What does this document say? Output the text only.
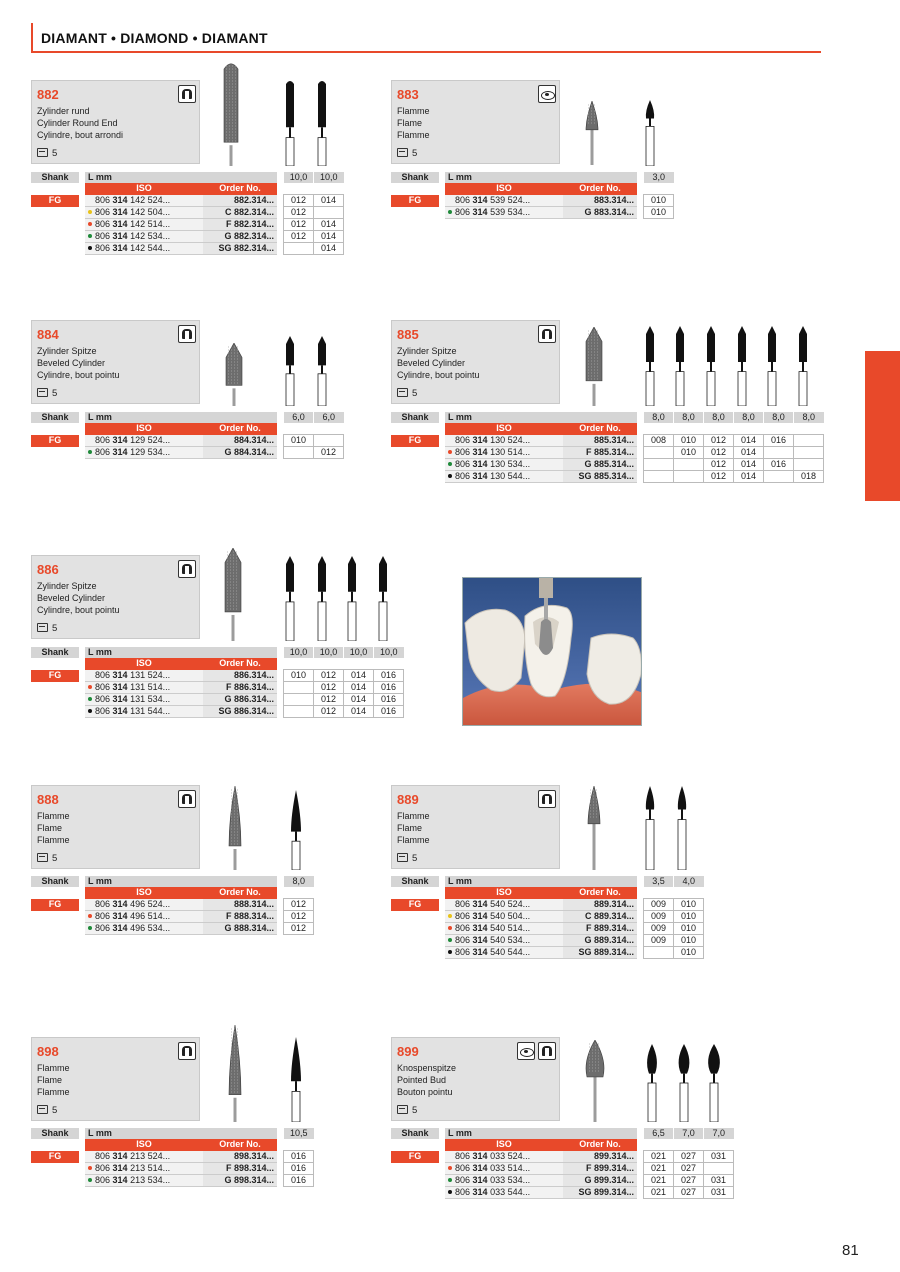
DIAMANT • DIAMOND • DIAMANT
81
882
Zylinder rund
Cylinder Round End
Cylindre, bout arrondi
5
Shank		L mm			10,0	10,0
		ISO	Order No.			
FG		806 314 142 524...	882.314...		012	014
		806 314 142 504...	C 882.314...		012	
		806 314 142 514...	F 882.314...		012	014
		806 314 142 534...	G 882.314...		012	014
		806 314 142 544...	SG 882.314...			014
883
Flamme
Flame
Flamme
5
Shank		L mm			3,0
		ISO	Order No.		
FG		806 314 539 524...	883.314...		010
		806 314 539 534...	G 883.314...		010
884
Zylinder Spitze
Beveled Cylinder
Cylindre, bout pointu
5
Shank		L mm			6,0	6,0
		ISO	Order No.			
FG		806 314 129 524...	884.314...		010	
		806 314 129 534...	G 884.314...			012
885
Zylinder Spitze
Beveled Cylinder
Cylindre, bout pointu
5
Shank		L mm			8,0	8,0	8,0	8,0	8,0	8,0
		ISO	Order No.							
FG		806 314 130 524...	885.314...		008	010	012	014	016	
		806 314 130 514...	F 885.314...			010	012	014		
		806 314 130 534...	G 885.314...				012	014	016	
		806 314 130 544...	SG 885.314...				012	014		018
886
Zylinder Spitze
Beveled Cylinder
Cylindre, bout pointu
5
Shank		L mm			10,0	10,0	10,0	10,0
		ISO	Order No.					
FG		806 314 131 524...	886.314...		010	012	014	016
		806 314 131 514...	F 886.314...			012	014	016
		806 314 131 534...	G 886.314...			012	014	016
		806 314 131 544...	SG 886.314...			012	014	016
888
Flamme
Flame
Flamme
5
Shank		L mm			8,0
		ISO	Order No.		
FG		806 314 496 524...	888.314...		012
		806 314 496 514...	F 888.314...		012
		806 314 496 534...	G 888.314...		012
889
Flamme
Flame
Flamme
5
Shank		L mm			3,5	4,0
		ISO	Order No.			
FG		806 314 540 524...	889.314...		009	010
		806 314 540 504...	C 889.314...		009	010
		806 314 540 514...	F 889.314...		009	010
		806 314 540 534...	G 889.314...		009	010
		806 314 540 544...	SG 889.314...			010
898
Flamme
Flame
Flamme
5
Shank		L mm			10,5
		ISO	Order No.		
FG		806 314 213 524...	898.314...		016
		806 314 213 514...	F 898.314...		016
		806 314 213 534...	G 898.314...		016
899
Knospenspitze
Pointed Bud
Bouton pointu
5
Shank		L mm			6,5	7,0	7,0
		ISO	Order No.				
FG		806 314 033 524...	899.314...		021	027	031
		806 314 033 514...	F 899.314...		021	027	
		806 314 033 534...	G 899.314...		021	027	031
		806 314 033 544...	SG 899.314...		021	027	031
